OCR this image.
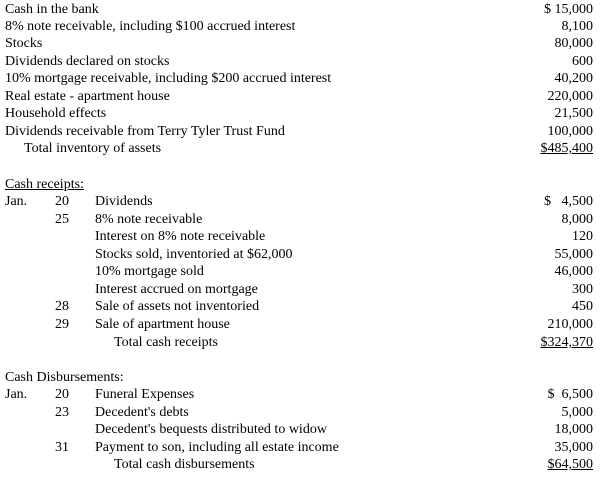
Cash in the bank	$ 15,000
8% note receivable, including $100 accrued interest	8,100
Stocks	80,000
Dividends declared on stocks	600
10% mortgage receivable, including $200 accrued interest	40,200
Real estate - apartment house	220,000
Household effects	21,500
Dividends receivable from Terry Tyler Trust Fund	100,000
Total inventory of assets	$485,400
Cash receipts:
Jan. 20 Dividends	$   4,500
25 8% note receivable	8,000
Interest on 8% note receivable	120
Stocks sold, inventoried at $62,000	55,000
10% mortgage sold	46,000
Interest accrued on mortgage	300
28 Sale of assets not inventoried	450
29 Sale of apartment house	210,000
Total cash receipts	$324,370
Cash Disbursements:
Jan. 20 Funeral Expenses	$  6,500
23 Decedent's debts	5,000
Decedent's bequests distributed to widow	18,000
31 Payment to son, including all estate income	35,000
Total cash disbursements	$64,500
